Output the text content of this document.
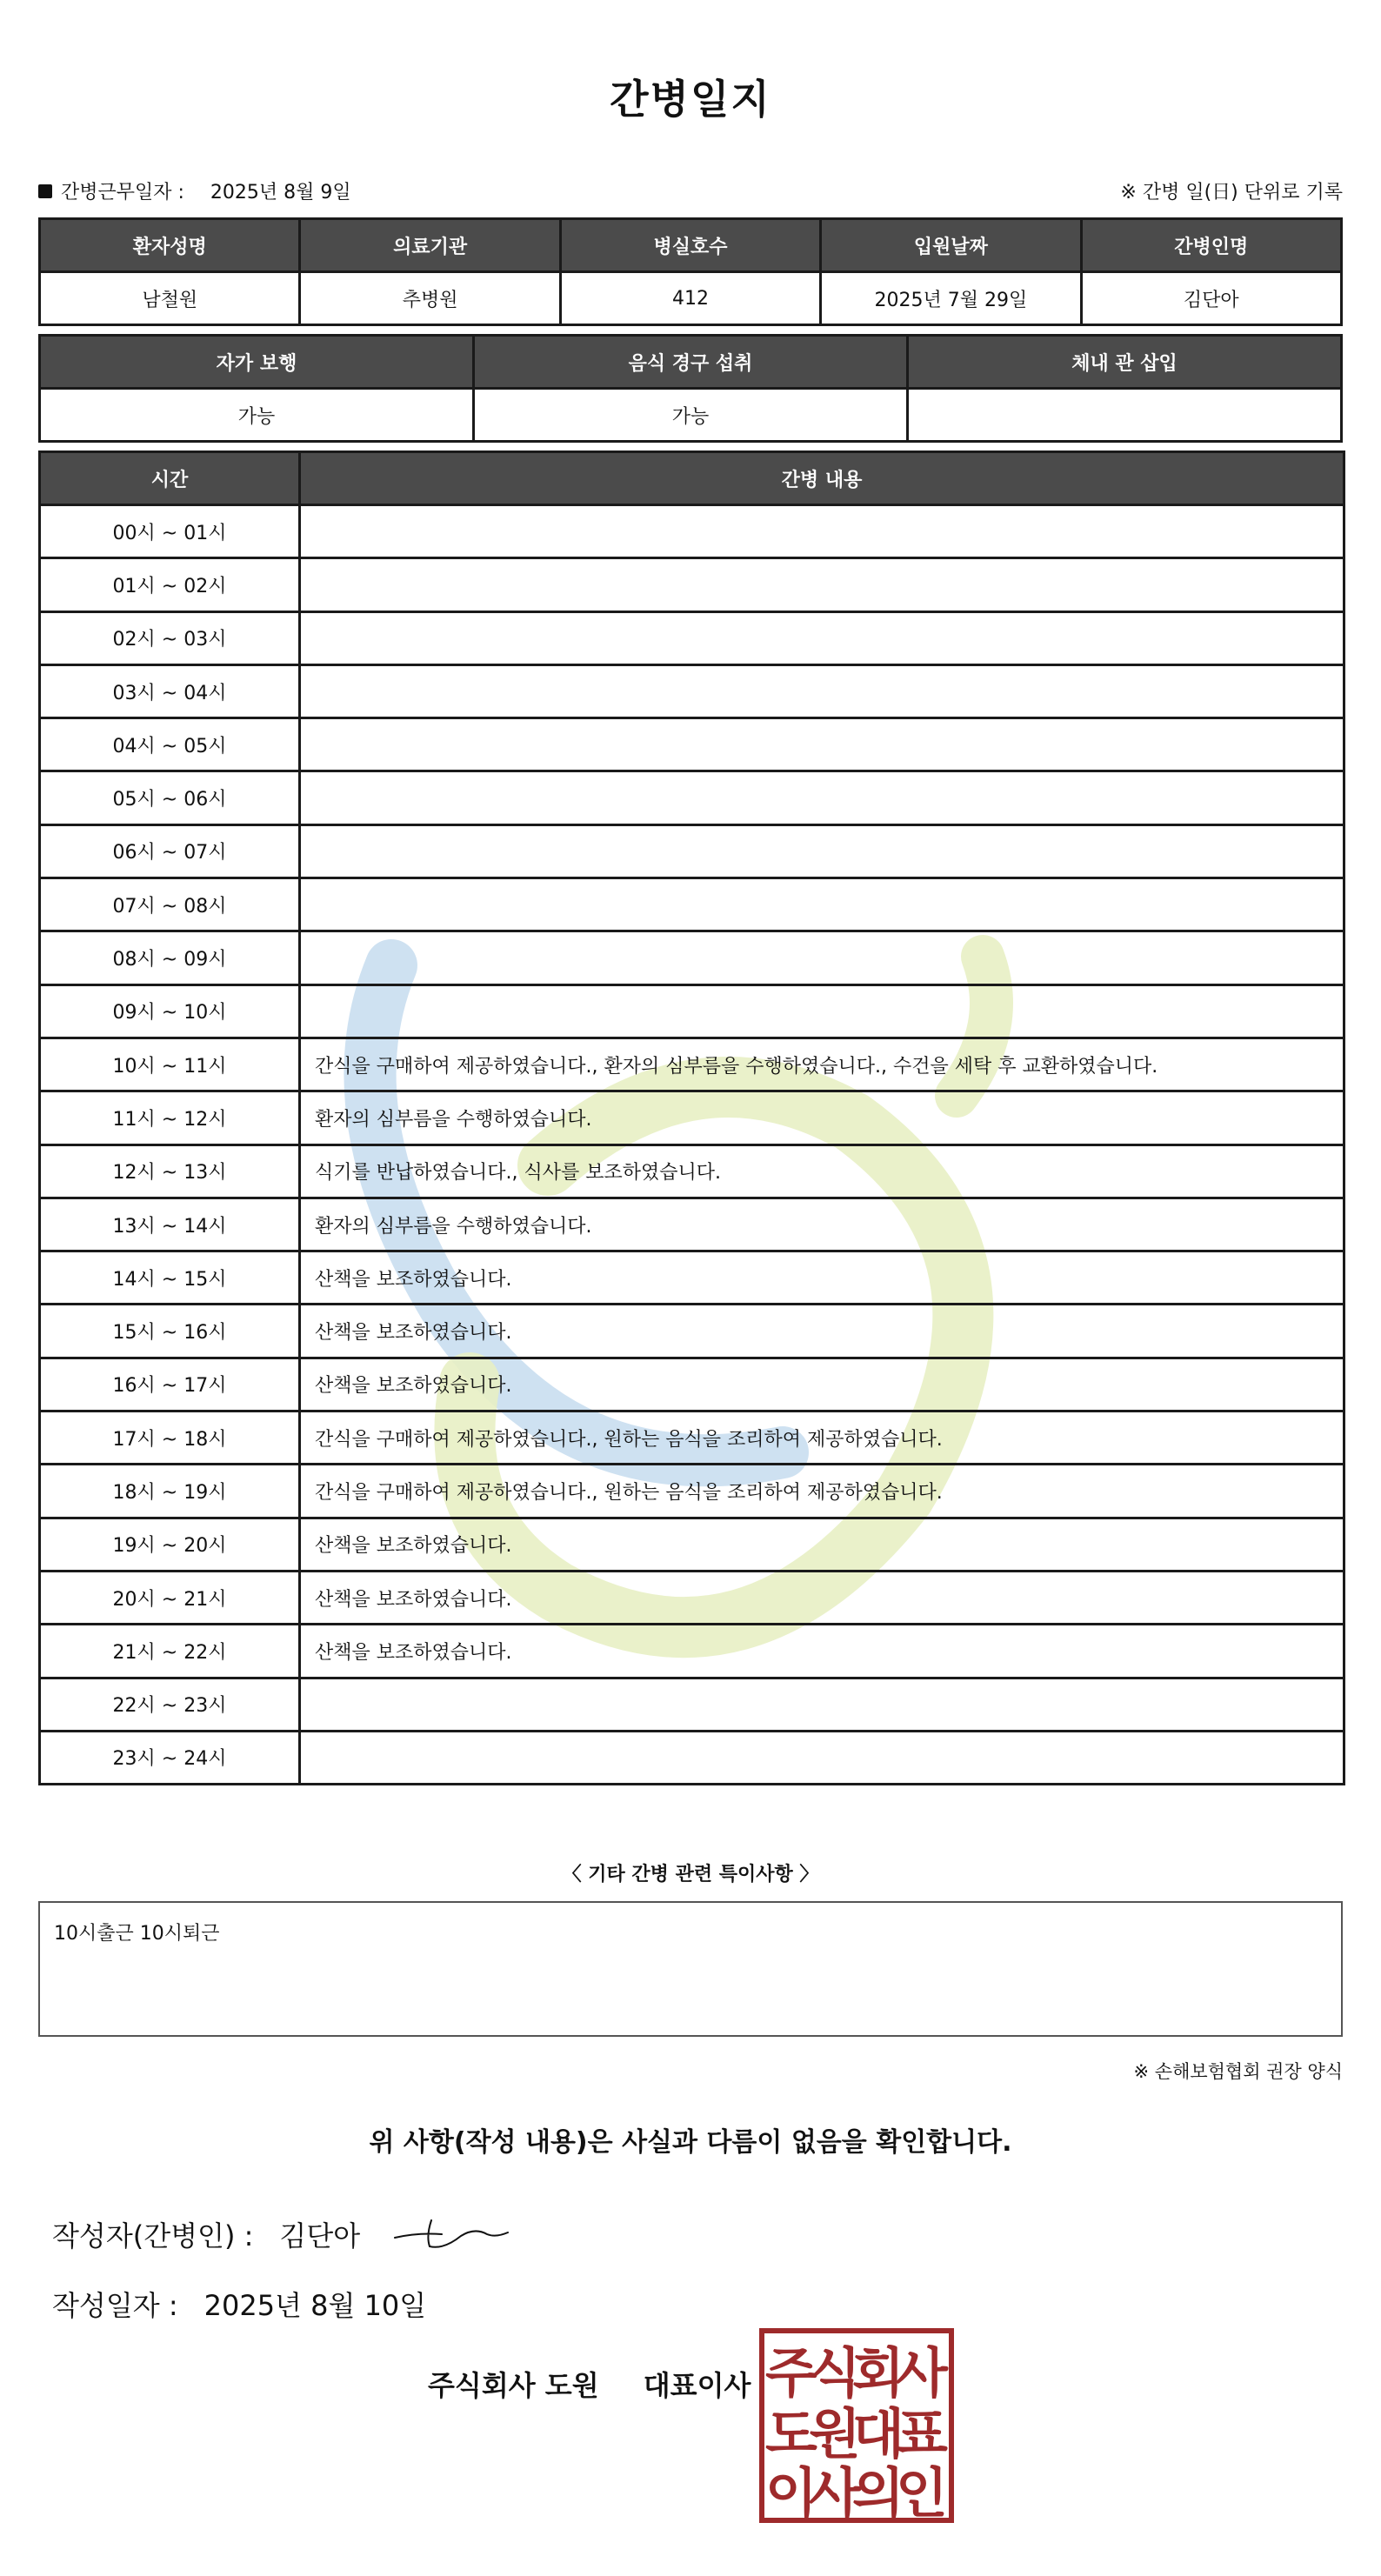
간병일지
간병근무일자 : 2025년 8월 9일	※ 간병 일(日) 단위로 기록
환자성명	의료기관	병실호수	입원날짜	간병인명
남철원	추병원	412	2025년 7월 29일	김단아
자가 보행	음식 경구 섭취	체내 관 삽입
가능	가능	
시간	간병 내용
00시 ~ 01시	
01시 ~ 02시	
02시 ~ 03시	
03시 ~ 04시	
04시 ~ 05시	
05시 ~ 06시	
06시 ~ 07시	
07시 ~ 08시	
08시 ~ 09시	
09시 ~ 10시	
10시 ~ 11시	간식을 구매하여 제공하였습니다., 환자의 심부름을 수행하였습니다., 수건을 세탁 후 교환하였습니다.
11시 ~ 12시	환자의 심부름을 수행하였습니다.
12시 ~ 13시	식기를 반납하였습니다., 식사를 보조하였습니다.
13시 ~ 14시	환자의 심부름을 수행하였습니다.
14시 ~ 15시	산책을 보조하였습니다.
15시 ~ 16시	산책을 보조하였습니다.
16시 ~ 17시	산책을 보조하였습니다.
17시 ~ 18시	간식을 구매하여 제공하였습니다., 원하는 음식을 조리하여 제공하였습니다.
18시 ~ 19시	간식을 구매하여 제공하였습니다., 원하는 음식을 조리하여 제공하였습니다.
19시 ~ 20시	산책을 보조하였습니다.
20시 ~ 21시	산책을 보조하였습니다.
21시 ~ 22시	산책을 보조하였습니다.
22시 ~ 23시	
23시 ~ 24시	
〈 기타 간병 관련 특이사항 〉
10시출근 10시퇴근
※ 손해보험협회 권장 양식
위 사항(작성 내용)은 사실과 다름이 없음을 확인합니다.
작성자(간병인) : 김단아
작성일자 : 2025년 8월 10일
주식회사 도원 대표이사 주
식
회
사
도
원
대
표
이
사
의
인
